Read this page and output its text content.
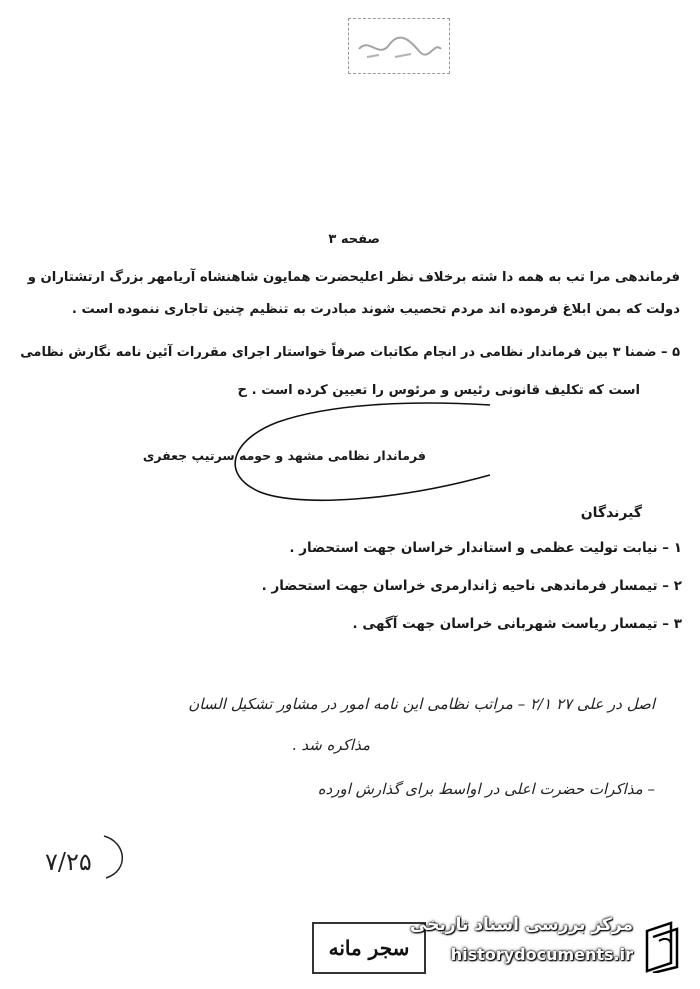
صفحه ۳
فرماندهی مرا تب به همه دا شته برخلاف نظر اعلیحضرت همایون شاهنشاه آریامهر بزرگ ارتشتاران و
دولت که بمن ابلاغ فرموده اند مردم تحصیب شوند مبادرت به تنظیم چنین تاجاری ننموده است .
۵ – ضمنا ۳ بین فرماندار نظامی در انجام مکاتبات صرفاً خواستار اجرای مقررات آئین نامه نگارش نظامی
است که تکلیف قانونی رئیس و مرئوس را تعیین کرده است . ح
فرماندار نظامی مشهد و حومه سرتیپ جعفری
گیرندگان
۱ – نیابت تولیت عظمی و استاندار خراسان جهت استحضار .
۲ – تیمسار فرماندهی ناحیه ژاندارمری خراسان جهت استحضار .
۳ – تیمسار ریاست شهربانی خراسان جهت آگهی .
اصل در علی ۲۷ ۲/۱ – مراتب نظامی این نامه امور در مشاور تشکیل السان
مذاکره شد .
– مذاکرات حضرت اعلی در اواسط برای گذارش اورده
۷/۲۵
سجر مانه
مرکز بررسی اسناد تاریخی
historydocuments.ir
